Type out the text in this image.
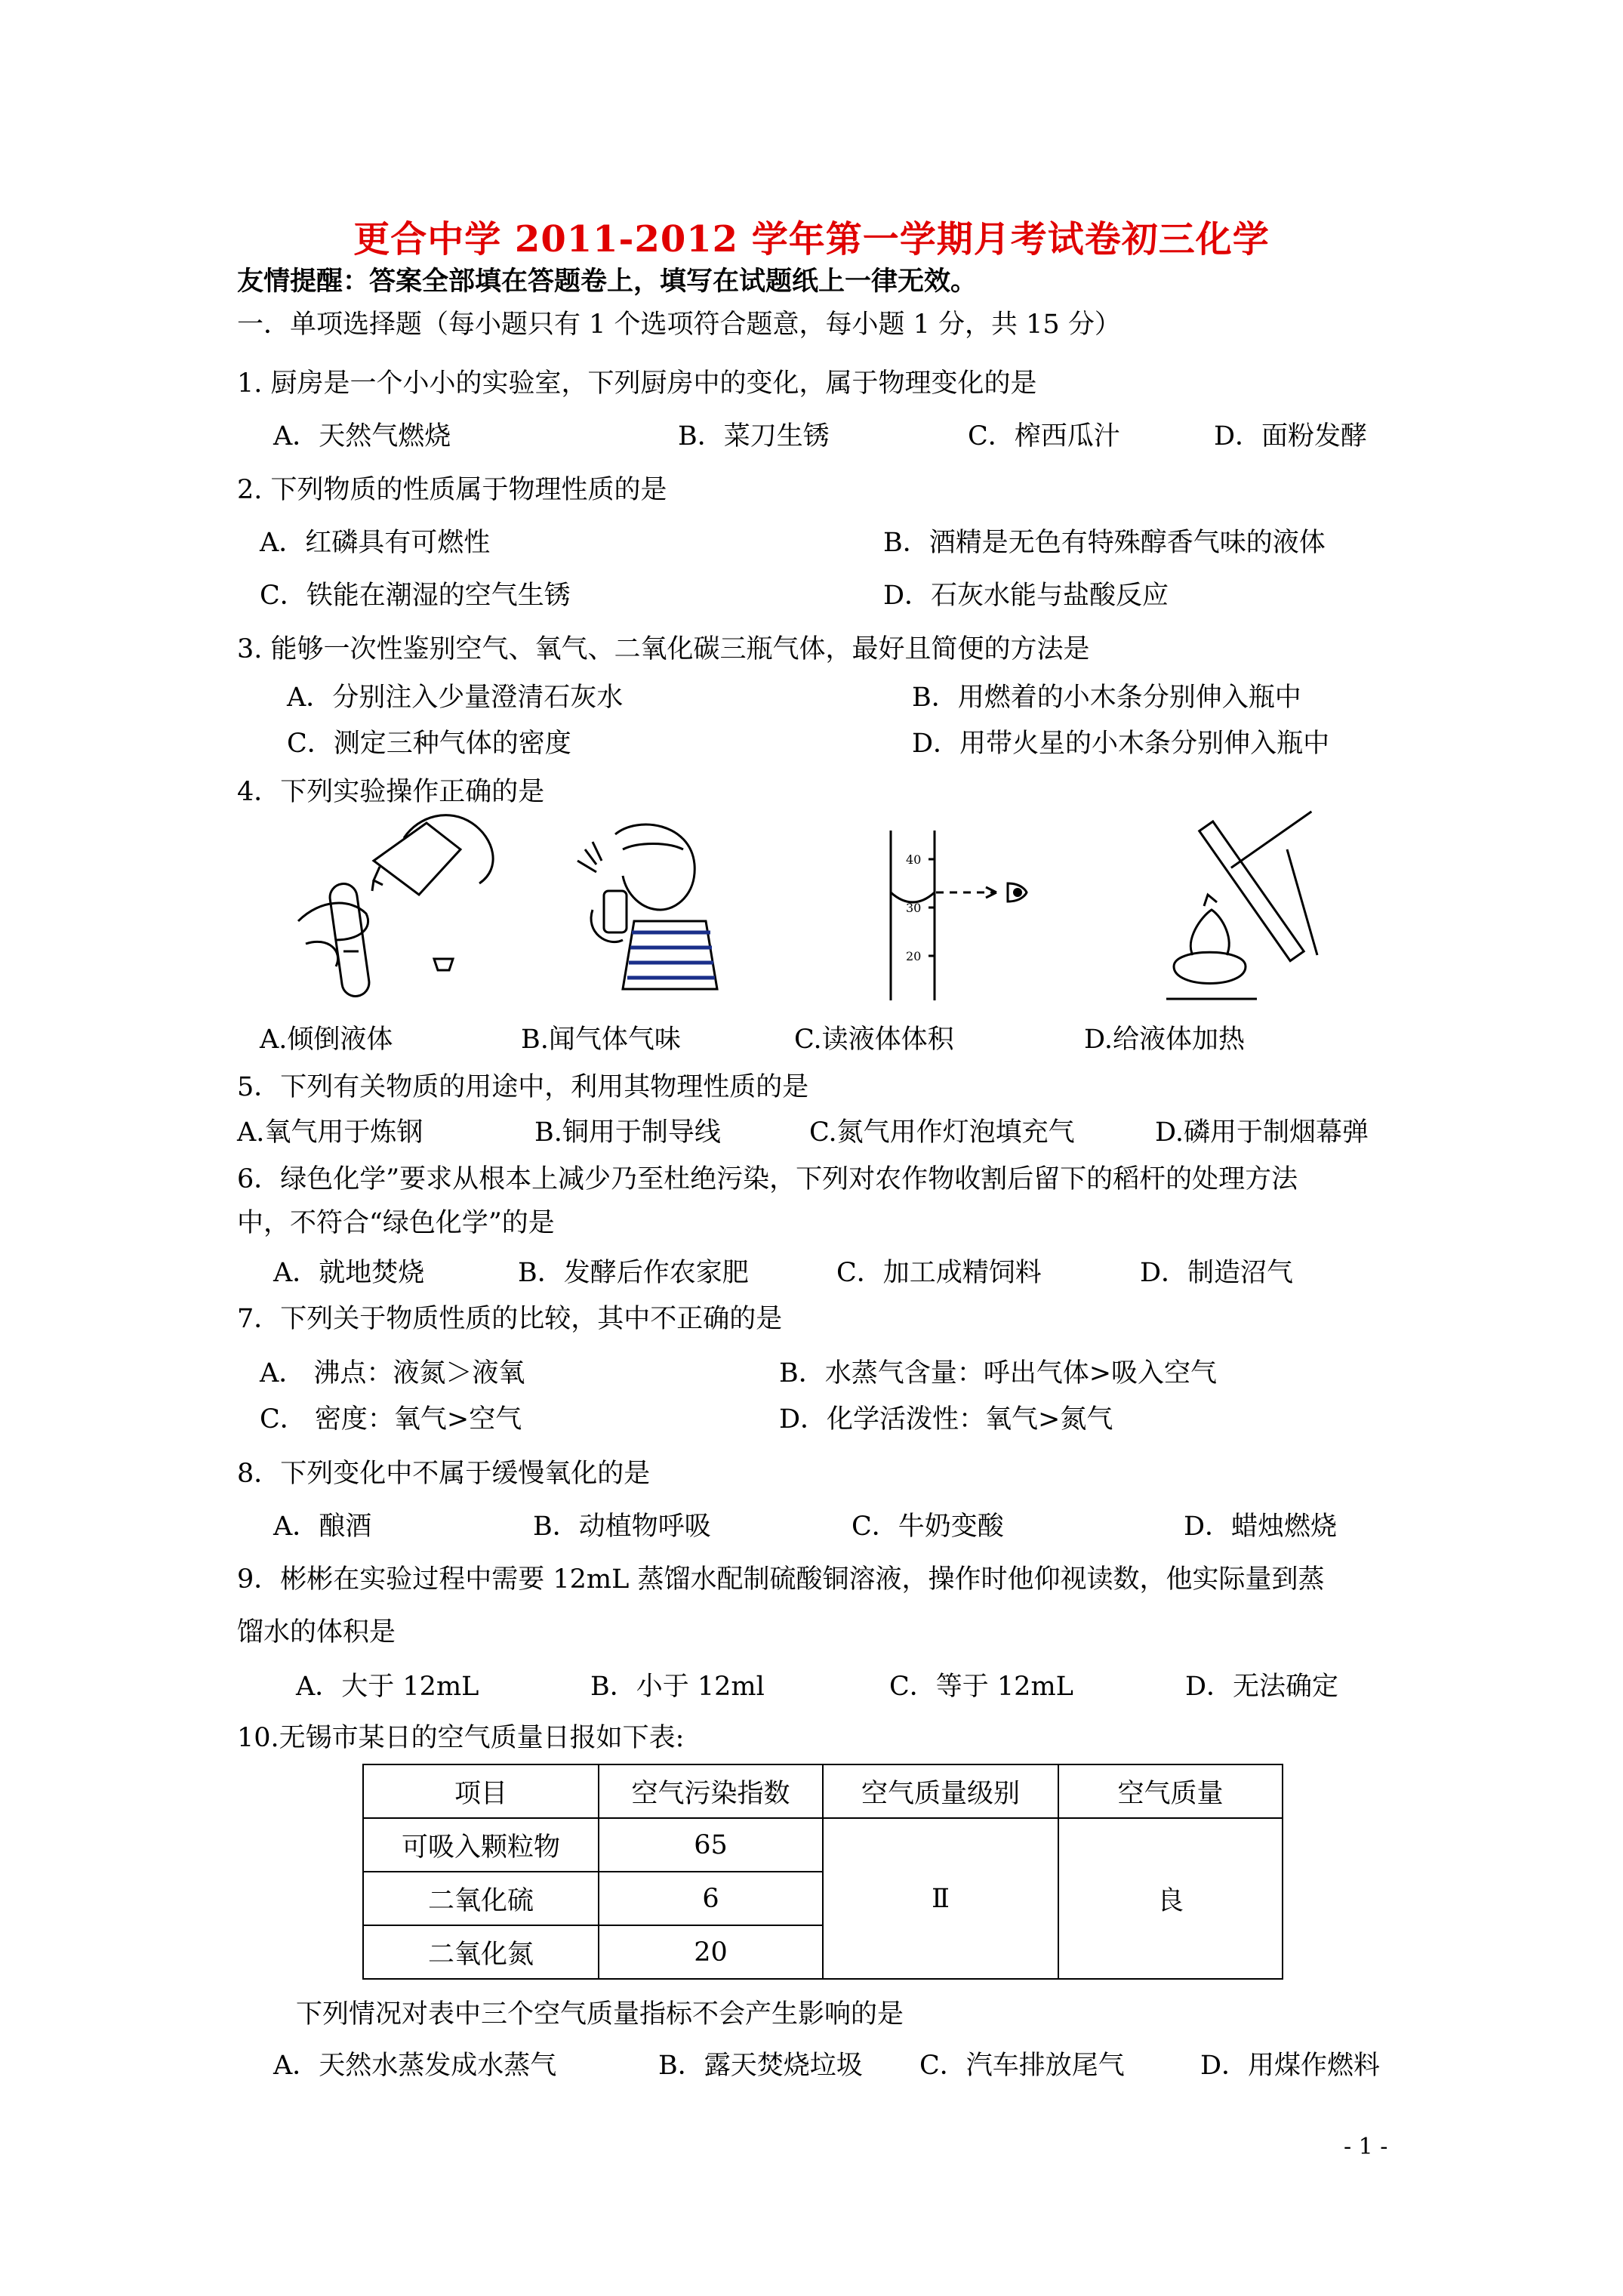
更合中学 2011-2012 学年第一学期月考试卷初三化学
友情提醒：答案全部填在答题卷上，填写在试题纸上一律无效。
一．单项选择题（每小题只有 1 个选项符合题意，每小题 1 分，共 15 分）
1. 厨房是一个小小的实验室，下列厨房中的变化，属于物理变化的是
A．天然气燃烧	B．菜刀生锈	C．榨西瓜汁	D．面粉发酵
2. 下列物质的性质属于物理性质的是
A．红磷具有可燃性	B．酒精是无色有特殊醇香气味的液体
C．铁能在潮湿的空气生锈	D．石灰水能与盐酸反应
3. 能够一次性鉴别空气、氧气、二氧化碳三瓶气体，最好且简便的方法是
A．分别注入少量澄清石灰水	B．用燃着的小木条分别伸入瓶中
C．测定三种气体的密度	D．用带火星的小木条分别伸入瓶中
4．下列实验操作正确的是
40
30
20
A.倾倒液体	B.闻气体气味	C.读液体体积	D.给液体加热
5．下列有关物质的用途中，利用其物理性质的是
A.氧气用于炼钢	B.铜用于制导线	C.氮气用作灯泡填充气	D.磷用于制烟幕弹
6．绿色化学”要求从根本上减少乃至杜绝污染，下列对农作物收割后留下的稻杆的处理方法
中，不符合“绿色化学”的是
A．就地焚烧	B．发酵后作农家肥	C．加工成精饲料	D．制造沼气
7．下列关于物质性质的比较，其中不正确的是
A． 沸点：液氮＞液氧	B．水蒸气含量：呼出气体>吸入空气
C． 密度：氧气>空气	D．化学活泼性：氧气>氮气
8．下列变化中不属于缓慢氧化的是
A．酿酒	B．动植物呼吸	C．牛奶变酸	D．蜡烛燃烧
9．彬彬在实验过程中需要 12mL 蒸馏水配制硫酸铜溶液，操作时他仰视读数，他实际量到蒸
馏水的体积是
A．大于 12mL	B．小于 12ml	C．等于 12mL	D．无法确定
10.无锡市某日的空气质量日报如下表:
项目	空气污染指数	空气质量级别	空气质量
可吸入颗粒物	65	Ⅱ	良
二氧化硫	6		
二氧化氮	20		
下列情况对表中三个空气质量指标不会产生影响的是
A．天然水蒸发成水蒸气	B．露天焚烧垃圾 C．汽车排放尾气	D．用煤作燃料
- 1 -
